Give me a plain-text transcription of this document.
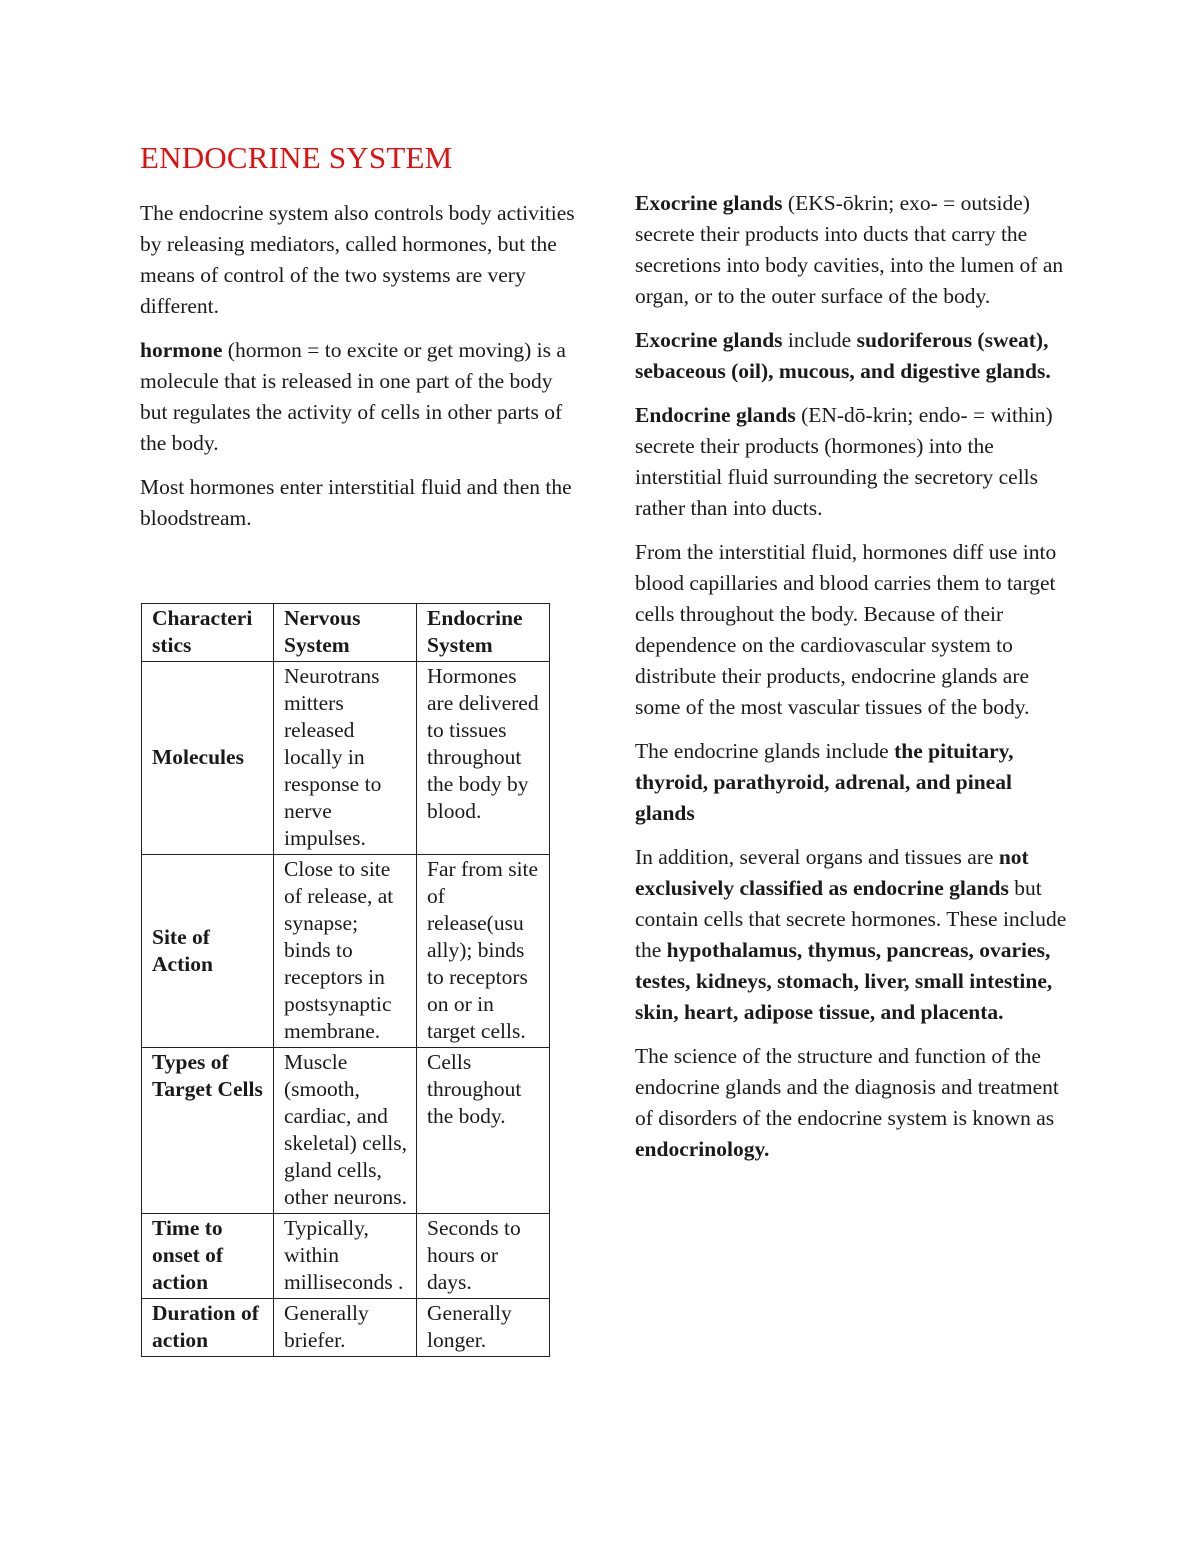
ENDOCRINE SYSTEM

The endocrine system also controls body activities by releasing mediators, called hormones, but the means of control of the two systems are very different.

hormone (hormon = to excite or get moving) is a molecule that is released in one part of the body but regulates the activity of cells in other parts of the body.

Most hormones enter interstitial fluid and then the bloodstream.

Characteri stics	Nervous System	Endocrine System
Molecules	Neurotrans mitters released locally in response to nerve impulses.	Hormones are delivered to tissues throughout the body by blood.
Site of Action	Close to site of release, at synapse; binds to receptors in postsynaptic membrane.	Far from site of release(usu ally); binds to receptors on or in target cells.
Types of Target Cells	Muscle (smooth, cardiac, and skeletal) cells, gland cells, other neurons.	Cells throughout the body.
Time to onset of action	Typically, within milliseconds .	Seconds to hours or days.
Duration of action	Generally briefer.	Generally longer.

Exocrine glands (EKS-ōkrin; exo- = outside) secrete their products into ducts that carry the secretions into body cavities, into the lumen of an organ, or to the outer surface of the body.

Exocrine glands include sudoriferous (sweat), sebaceous (oil), mucous, and digestive glands.

Endocrine glands (EN-dō-krin; endo- = within) secrete their products (hormones) into the interstitial fluid surrounding the secretory cells rather than into ducts.

From the interstitial fluid, hormones diff use into blood capillaries and blood carries them to target cells throughout the body. Because of their dependence on the cardiovascular system to distribute their products, endocrine glands are some of the most vascular tissues of the body.

The endocrine glands include the pituitary, thyroid, parathyroid, adrenal, and pineal glands

In addition, several organs and tissues are not exclusively classified as endocrine glands but contain cells that secrete hormones. These include the hypothalamus, thymus, pancreas, ovaries, testes, kidneys, stomach, liver, small intestine, skin, heart, adipose tissue, and placenta.

The science of the structure and function of the endocrine glands and the diagnosis and treatment of disorders of the endocrine system is known as endocrinology.
